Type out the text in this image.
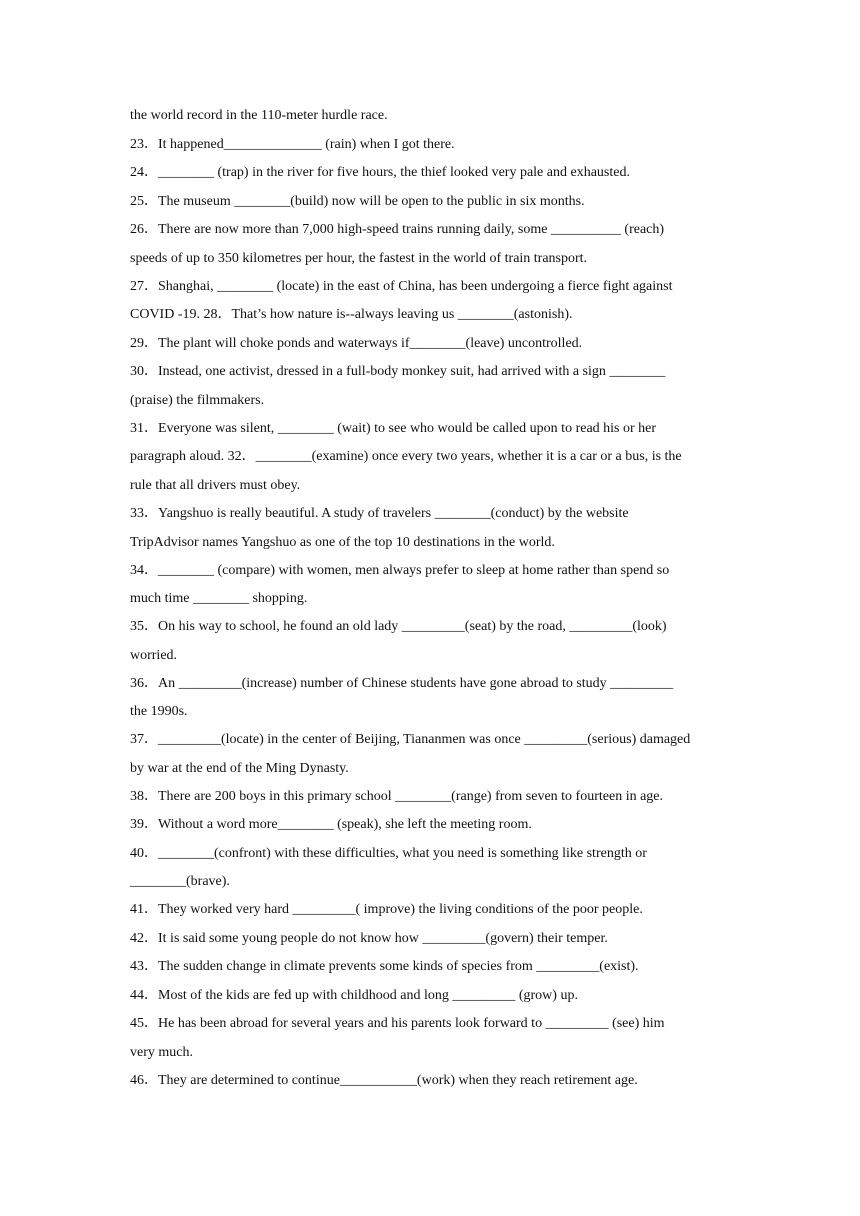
the world record in the 110-meter hurdle race.
23．It happened______________ (rain) when I got there.
24．________ (trap) in the river for five hours, the thief looked very pale and exhausted.
25．The museum ________(build) now will be open to the public in six months.
26．There are now more than 7,000 high-speed trains running daily, some __________ (reach)
speeds of up to 350 kilometres per hour, the fastest in the world of train transport.
27．Shanghai, ________ (locate) in the east of China, has been undergoing a fierce fight against
COVID -19. 28．That’s how nature is--always leaving us ________(astonish).
29．The plant will choke ponds and waterways if________(leave) uncontrolled.
30．Instead, one activist, dressed in a full-body monkey suit, had arrived with a sign ________
(praise) the filmmakers.
31．Everyone was silent, ________ (wait) to see who would be called upon to read his or her
paragraph aloud. 32．________(examine) once every two years, whether it is a car or a bus, is the
rule that all drivers must obey.
33．Yangshuo is really beautiful. A study of travelers ________(conduct) by the website
TripAdvisor names Yangshuo as one of the top 10 destinations in the world.
34．________ (compare) with women, men always prefer to sleep at home rather than spend so
much time ________ shopping.
35．On his way to school, he found an old lady _________(seat) by the road, _________(look)
worried.
36．An _________(increase) number of Chinese students have gone abroad to study _________
the 1990s.
37．_________(locate) in the center of Beijing, Tiananmen was once _________(serious) damaged
by war at the end of the Ming Dynasty.
38．There are 200 boys in this primary school ________(range) from seven to fourteen in age.
39．Without a word more________ (speak), she left the meeting room.
40．________(confront) with these difficulties, what you need is something like strength or
________(brave).
41．They worked very hard _________( improve) the living conditions of the poor people.
42．It is said some young people do not know how _________(govern) their temper.
43．The sudden change in climate prevents some kinds of species from _________(exist).
44．Most of the kids are fed up with childhood and long _________ (grow) up.
45．He has been abroad for several years and his parents look forward to _________ (see) him
very much.
46．They are determined to continue___________(work) when they reach retirement age.
